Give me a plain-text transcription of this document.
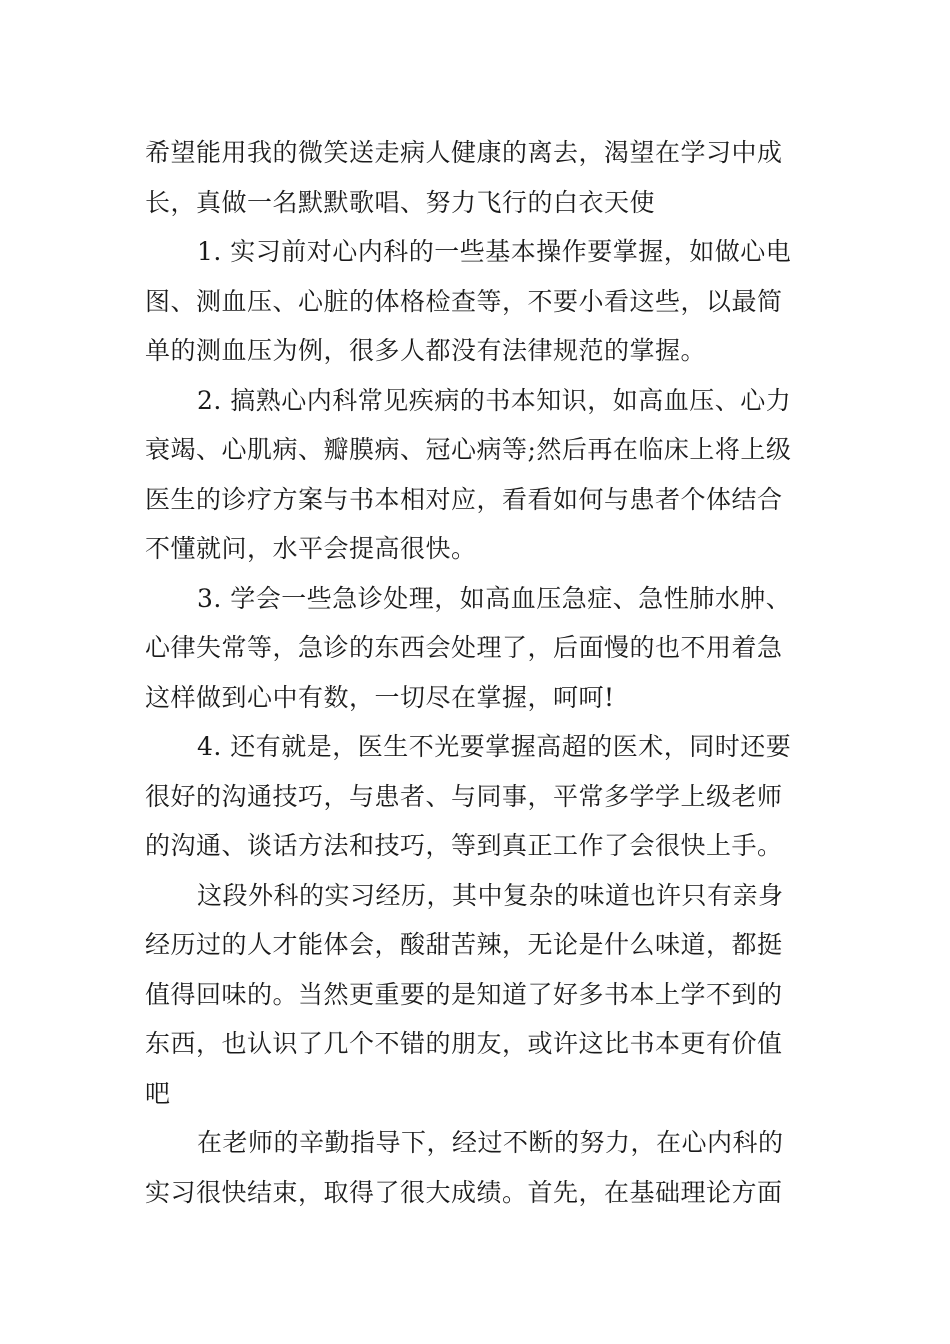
希望能用我的微笑送走病人健康的离去，渴望在学习中成
长，真做一名默默歌唱、努力飞行的白衣天使
1. 实习前对心内科的一些基本操作要掌握，如做心电
图、测血压、心脏的体格检查等，不要小看这些，以最简
单的测血压为例，很多人都没有法律规范的掌握。
2. 搞熟心内科常见疾病的书本知识，如高血压、心力
衰竭、心肌病、瓣膜病、冠心病等;然后再在临床上将上级
医生的诊疗方案与书本相对应，看看如何与患者个体结合
不懂就问，水平会提高很快。
3. 学会一些急诊处理，如高血压急症、急性肺水肿、
心律失常等，急诊的东西会处理了，后面慢的也不用着急
这样做到心中有数，一切尽在掌握，呵呵!
4. 还有就是，医生不光要掌握高超的医术，同时还要
很好的沟通技巧，与患者、与同事，平常多学学上级老师
的沟通、谈话方法和技巧，等到真正工作了会很快上手。
这段外科的实习经历，其中复杂的味道也许只有亲身
经历过的人才能体会，酸甜苦辣，无论是什么味道，都挺
值得回味的。当然更重要的是知道了好多书本上学不到的
东西，也认识了几个不错的朋友，或许这比书本更有价值
吧
在老师的辛勤指导下，经过不断的努力，在心内科的
实习很快结束，取得了很大成绩。首先，在基础理论方面
